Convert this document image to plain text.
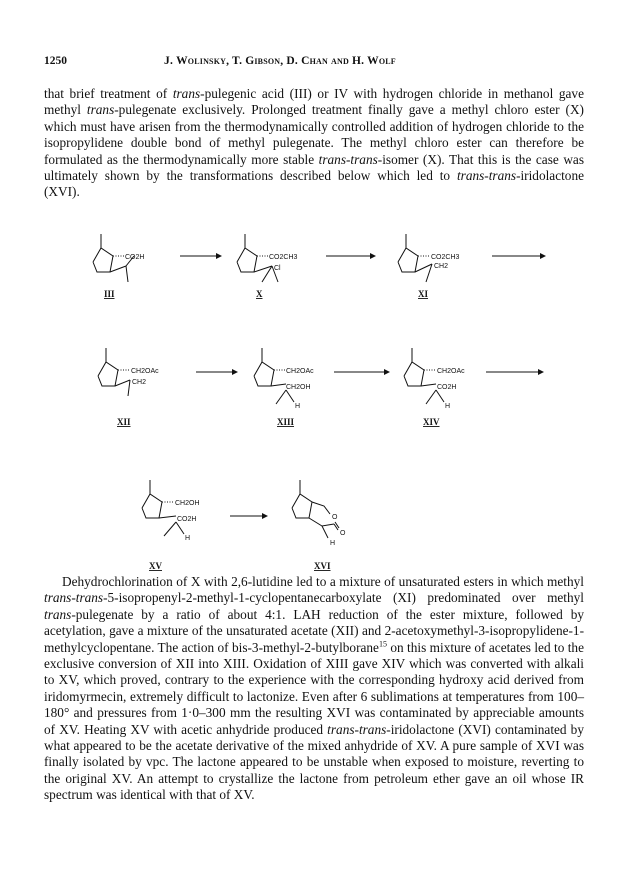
1250	J. Wolinsky, T. Gibson, D. Chan and H. Wolf

that brief treatment of trans-pulegenic acid (III) or IV with hydrogen chloride in methanol gave methyl trans-pulegenate exclusively. Prolonged treatment finally gave a methyl chloro ester (X) which must have arisen from the thermodynamically controlled addition of hydrogen chloride to the isopropylidene double bond of methyl pulegenate. The methyl chloro ester can therefore be formulated as the thermodynamically more stable trans-trans-isomer (X). That this is the case was ultimately shown by the transformations described below which led to trans-trans-iridolactone (XVI).

CO2H
III
CO2CH3
Cl
X
CO2CH3
CH2
XI
CH2OAc
CH2
XII
CH2OAc
CH2OH
H
XIII
CH2OAc
CO2H
H
XIV
CH2OH
CO2H
H
XV
O
O
H
XVI

Dehydrochlorination of X with 2,6-lutidine led to a mixture of unsaturated esters in which methyl trans-trans-5-isopropenyl-2-methyl-1-cyclopentanecarboxylate (XI) predominated over methyl trans-pulegenate by a ratio of about 4:1. LAH reduction of the ester mixture, followed by acetylation, gave a mixture of the unsaturated acetate (XII) and 2-acetoxymethyl-3-isopropylidene-1-methylcyclopentane. The action of bis-3-methyl-2-butylborane$^{15}$ on this mixture of acetates led to the exclusive conversion of XII into XIII. Oxidation of XIII gave XIV which was converted with alkali to XV, which proved, contrary to the experience with the corresponding hydroxy acid derived from iridomyrmecin, extremely difficult to lactonize. Even after 6 sublimations at temperatures from 100–180° and pressures from 1·0–300 mm the resulting XVI was contaminated by appreciable amounts of XV. Heating XV with acetic anhydride produced trans-trans-iridolactone (XVI) contaminated by what appeared to be the acetate derivative of the mixed anhydride of XV. A pure sample of XVI was finally isolated by vpc. The lactone appeared to be unstable when exposed to moisture, reverting to the original XV. An attempt to crystallize the lactone from petroleum ether gave an oil whose IR spectrum was identical with that of XV.
